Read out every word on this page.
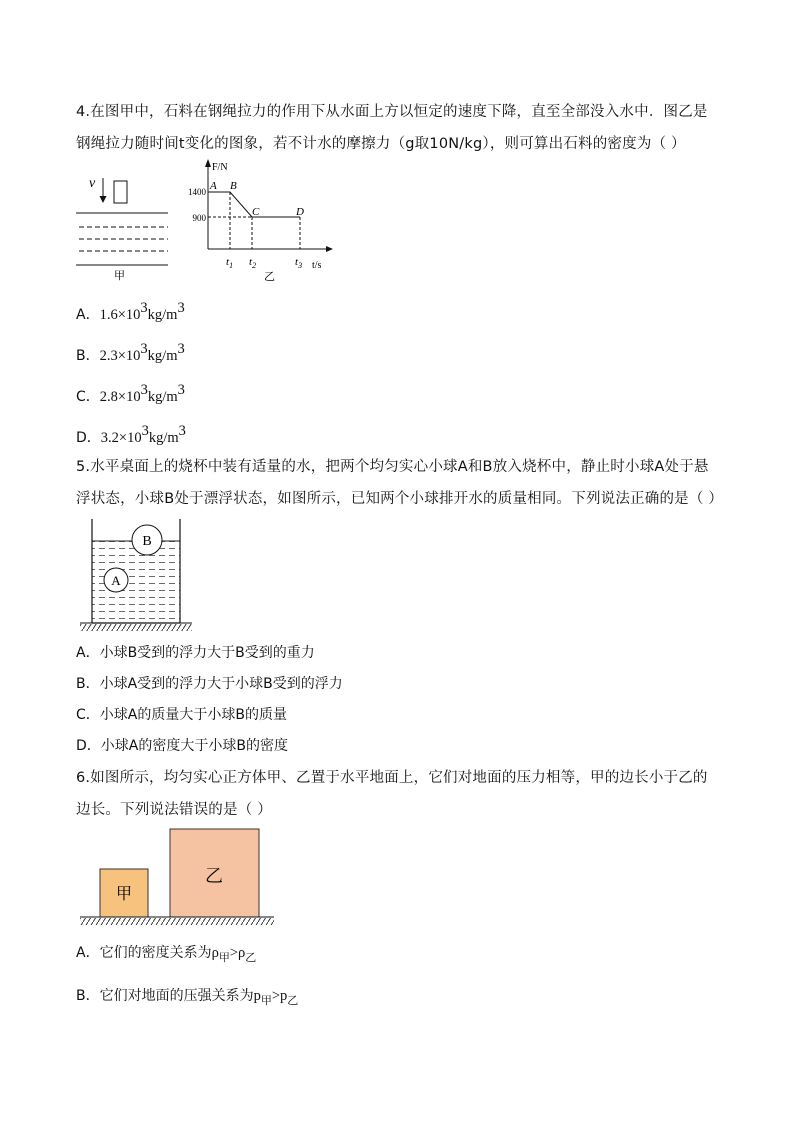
4.在图甲中，石料在钢绳拉力的作用下从水面上方以恒定的速度下降，直至全部没入水中．图乙是钢绳拉力随时间t变化的图象，若不计水的摩擦力（g取10N/kg），则可算出石料的密度为（ ）
v
甲
F/N
t/s
1400
900
A B
C	D
$t_1$ $t_2$	$t_3$
乙
A．1.6×103kg/m3
B．2.3×103kg/m3
C．2.8×103kg/m3
D．3.2×103kg/m3
5.水平桌面上的烧杯中装有适量的水，把两个均匀实心小球A和B放入烧杯中，静止时小球A处于悬浮状态，小球B处于漂浮状态，如图所示，已知两个小球排开水的质量相同。下列说法正确的是（ ）
A
B
A．小球B受到的浮力大于B受到的重力
B．小球A受到的浮力大于小球B受到的浮力
C．小球A的质量大于小球B的质量
D．小球A的密度大于小球B的密度
6.如图所示，均匀实心正方体甲、乙置于水平地面上，它们对地面的压力相等，甲的边长小于乙的边长。下列说法错误的是（ ）
甲
乙
A．它们的密度关系为$\rho_甲>\rho_乙$
B．它们对地面的压强关系为$p_甲>p_乙$
